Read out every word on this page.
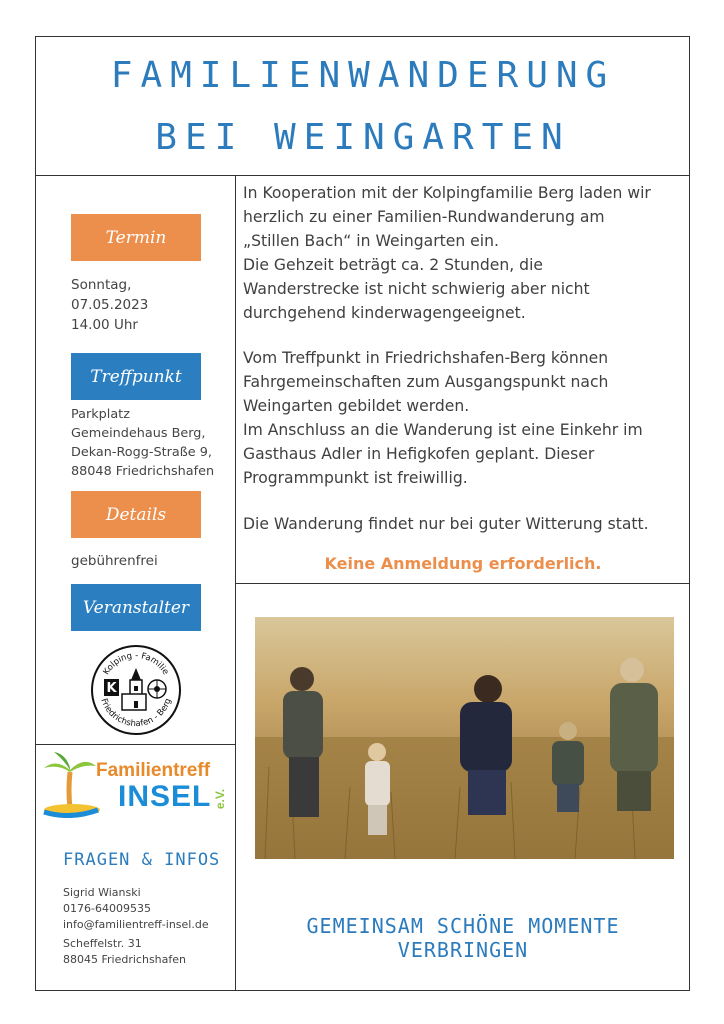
FAMILIENWANDERUNG
BEI WEINGARTEN
Termin
Sonntag,
07.05.2023
14.00 Uhr
Treffpunkt
Parkplatz
Gemeindehaus Berg,
Dekan-Rogg-Straße 9,
88048 Friedrichshafen
Details
gebührenfrei
Veranstalter
Kolping - Familie
Friedrichshafen - Berg
K
In Kooperation mit der Kolpingfamilie Berg laden wir
herzlich zu einer Familien-Rundwanderung am
„Stillen Bach“ in Weingarten ein.
Die Gehzeit beträgt ca. 2 Stunden, die
Wanderstrecke ist nicht schwierig aber nicht
durchgehend kinderwagengeeignet.
Vom Treffpunkt in Friedrichshafen-Berg können
Fahrgemeinschaften zum Ausgangspunkt nach
Weingarten gebildet werden.
Im Anschluss an die Wanderung ist eine Einkehr im
Gasthaus Adler in Hefigkofen geplant. Dieser
Programmpunkt ist freiwillig.
Die Wanderung findet nur bei guter Witterung statt.
Keine Anmeldung erforderlich.
GEMEINSAM SCHÖNE MOMENTE VERBRINGEN
Familientreff
INSEL e.V.
FRAGEN & INFOS
Sigrid Wianski
0176-64009535
info@familientreff-insel.de
Scheffelstr. 31
88045 Friedrichshafen
